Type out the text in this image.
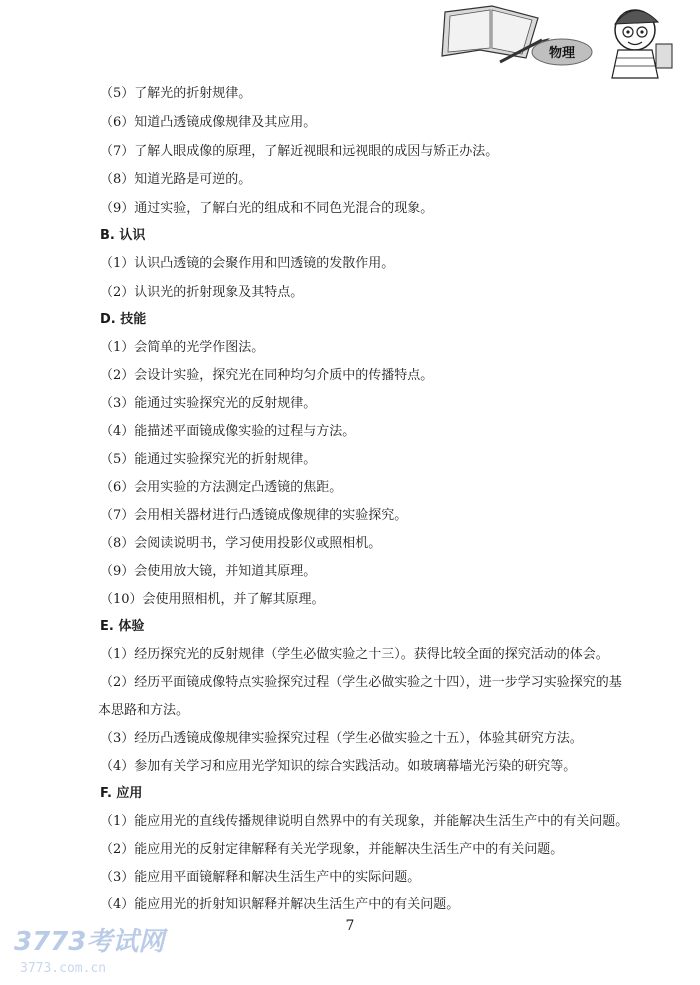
物理

（5）了解光的折射规律。

（6）知道凸透镜成像规律及其应用。

（7）了解人眼成像的原理，了解近视眼和远视眼的成因与矫正办法。

（8）知道光路是可逆的。

（9）通过实验，了解白光的组成和不同色光混合的现象。

B. 认识

（1）认识凸透镜的会聚作用和凹透镜的发散作用。

（2）认识光的折射现象及其特点。

D. 技能

（1）会简单的光学作图法。

（2）会设计实验，探究光在同种均匀介质中的传播特点。

（3）能通过实验探究光的反射规律。

（4）能描述平面镜成像实验的过程与方法。

（5）能通过实验探究光的折射规律。

（6）会用实验的方法测定凸透镜的焦距。

（7）会用相关器材进行凸透镜成像规律的实验探究。

（8）会阅读说明书，学习使用投影仪或照相机。

（9）会使用放大镜，并知道其原理。

（10）会使用照相机，并了解其原理。

E. 体验

（1）经历探究光的反射规律（学生必做实验之十三）。获得比较全面的探究活动的体会。

（2）经历平面镜成像特点实验探究过程（学生必做实验之十四），进一步学习实验探究的基

本思路和方法。

（3）经历凸透镜成像规律实验探究过程（学生必做实验之十五），体验其研究方法。

（4）参加有关学习和应用光学知识的综合实践活动。如玻璃幕墙光污染的研究等。

F. 应用

（1）能应用光的直线传播规律说明自然界中的有关现象，并能解决生活生产中的有关问题。

（2）能应用光的反射定律解释有关光学现象，并能解决生活生产中的有关问题。

（3）能应用平面镜解释和解决生活生产中的实际问题。

（4）能应用光的折射知识解释并解决生活生产中的有关问题。

7
3773考试网
3773.com.cn
